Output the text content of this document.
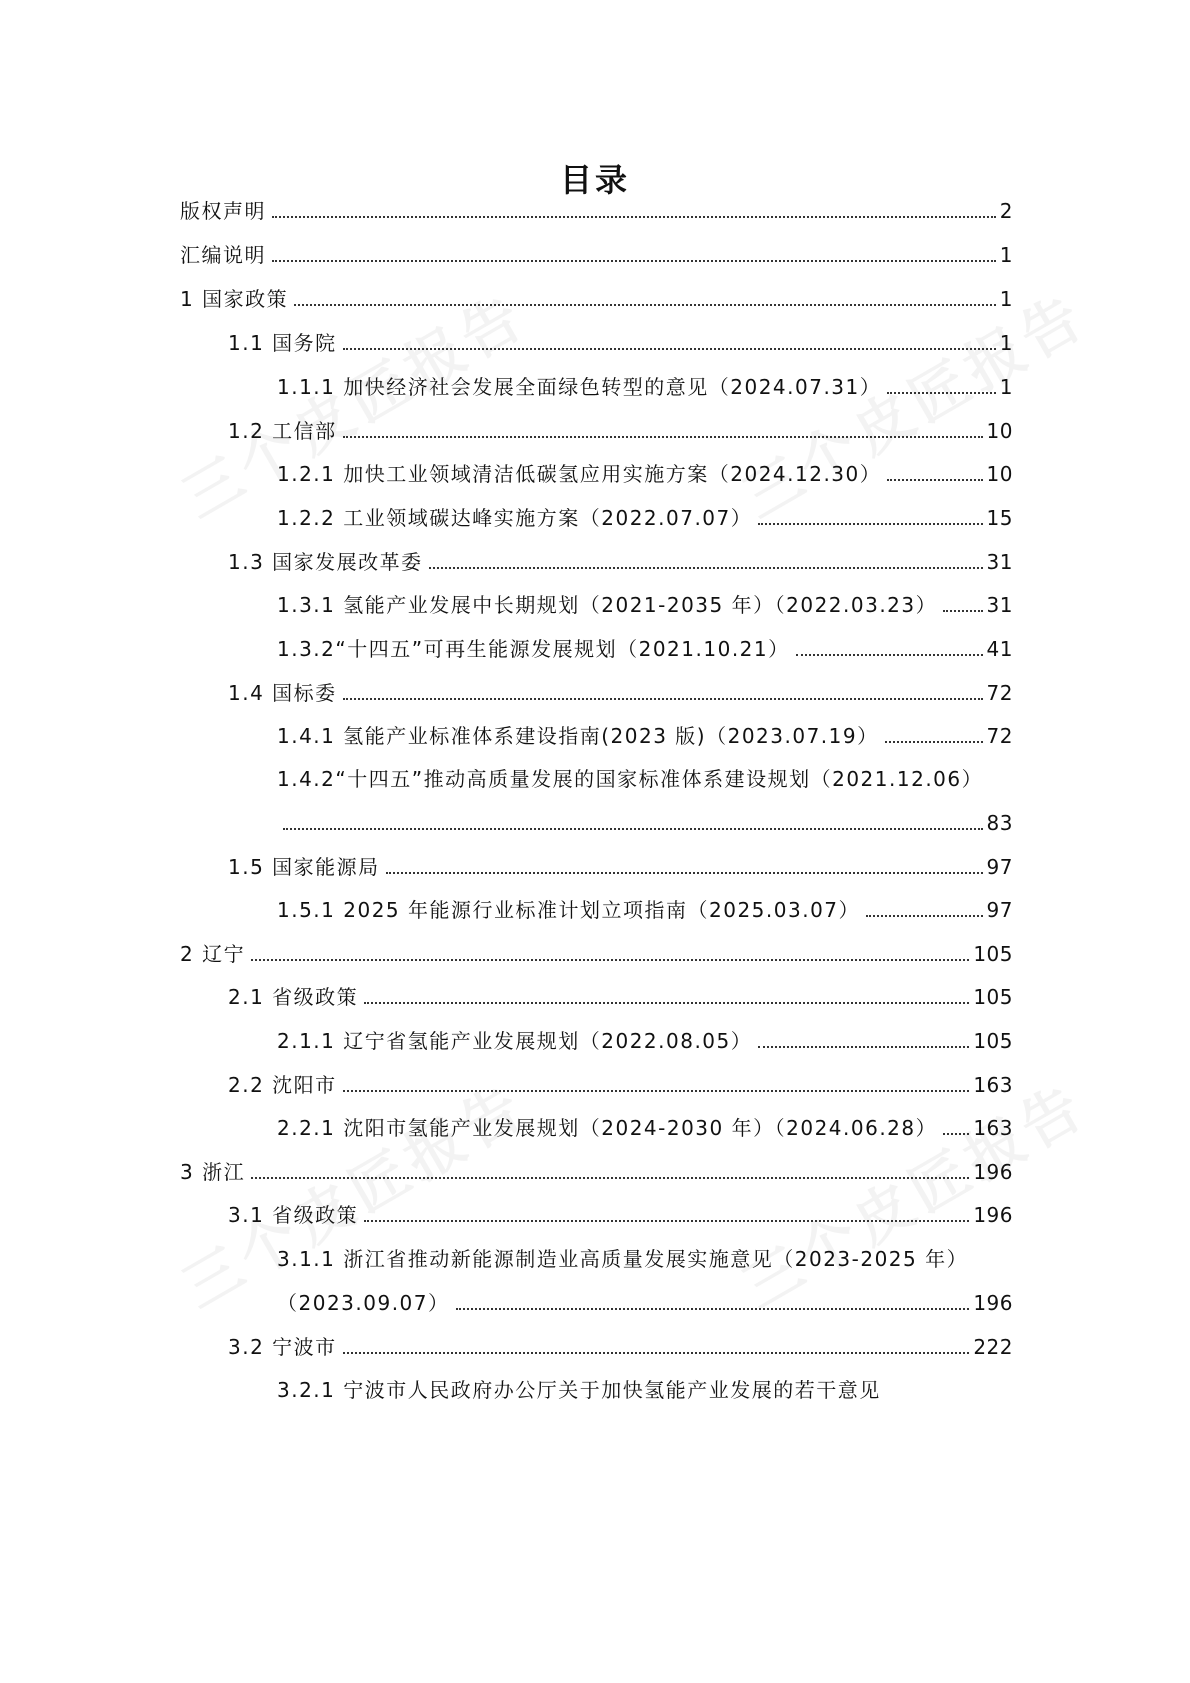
目录
版权声明	2
汇编说明	1
1 国家政策	1
1.1 国务院	1
1.1.1 加快经济社会发展全面绿色转型的意见（2024.07.31）	1
1.2 工信部	10
1.2.1 加快工业领域清洁低碳氢应用实施方案（2024.12.30）	10
1.2.2 工业领域碳达峰实施方案（2022.07.07）	15
1.3 国家发展改革委	31
1.3.1 氢能产业发展中长期规划（2021-2035 年）（2022.03.23） 31
1.3.2“十四五”可再生能源发展规划（2021.10.21）	41
1.4 国标委	72
1.4.1 氢能产业标准体系建设指南(2023 版)（2023.07.19）	72
1.4.2“十四五”推动高质量发展的国家标准体系建设规划（2021.12.06）
83
1.5 国家能源局	97
1.5.1 2025 年能源行业标准计划立项指南（2025.03.07）	97
2 辽宁	105
2.1 省级政策	105
2.1.1 辽宁省氢能产业发展规划（2022.08.05）	105
2.2 沈阳市	163
2.2.1 沈阳市氢能产业发展规划（2024-2030 年）（2024.06.28） 163
3 浙江	196
3.1 省级政策	196
3.1.1 浙江省推动新能源制造业高质量发展实施意见（2023-2025 年）
（2023.09.07）	196
3.2 宁波市	222
3.2.1 宁波市人民政府办公厅关于加快氢能产业发展的若干意见
